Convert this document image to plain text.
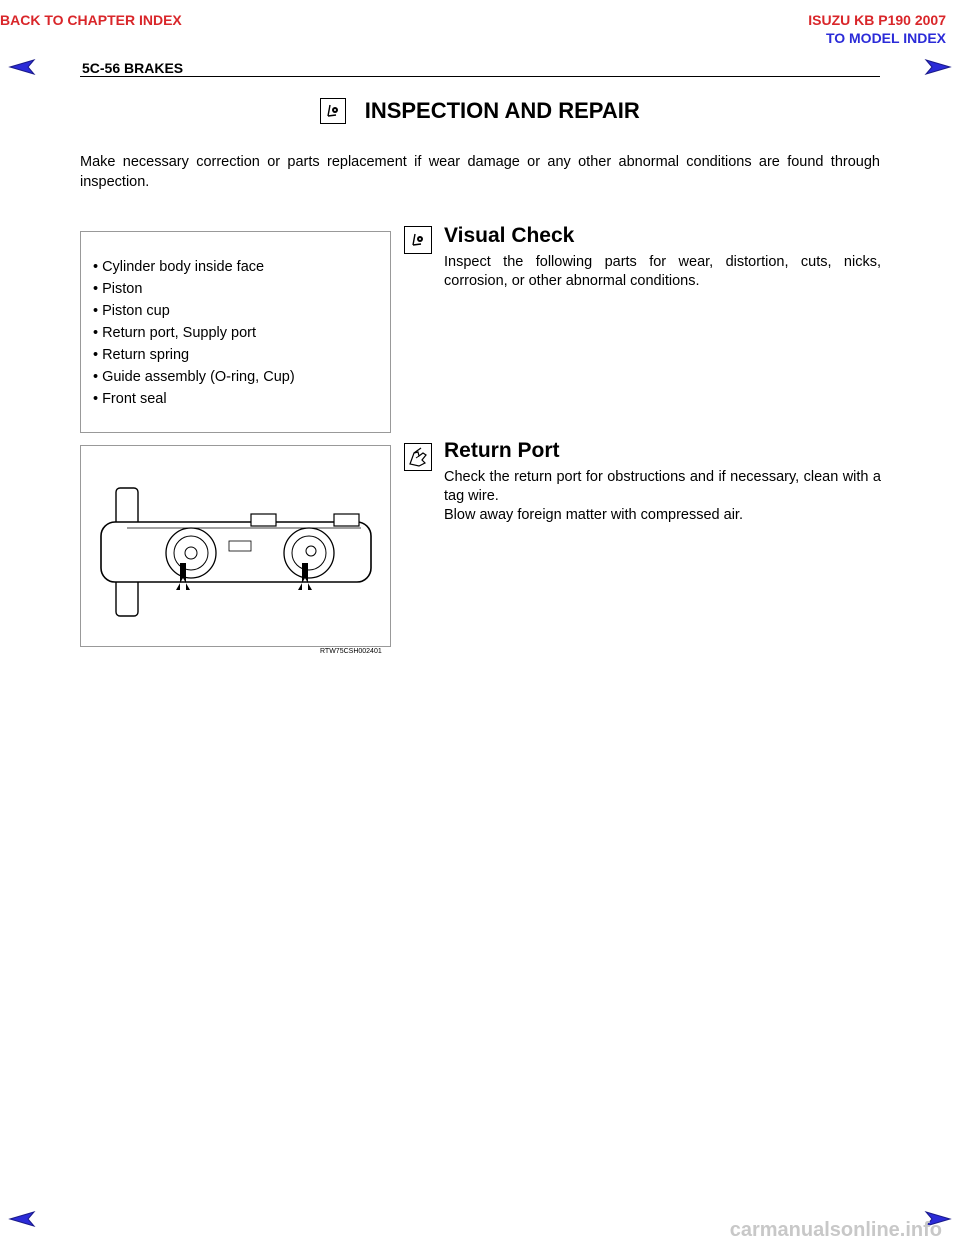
BACK TO CHAPTER INDEX	ISUZU KB P190 2007
TO MODEL INDEX
5C-56 BRAKES
INSPECTION AND REPAIR
Make necessary correction or parts replacement if wear damage or any other abnormal conditions are found through inspection.
• Cylinder body inside face
• Piston
• Piston cup
• Return port, Supply port
• Return spring
• Guide assembly (O-ring, Cup)
• Front seal
RTW75CSH002401
Visual Check
Inspect the following parts for wear, distortion, cuts, nicks, corrosion, or other abnormal conditions.
Return Port
Check the return port for obstructions and if necessary, clean with a tag wire.
Blow away foreign matter with compressed air.
carmanualsonline.info
